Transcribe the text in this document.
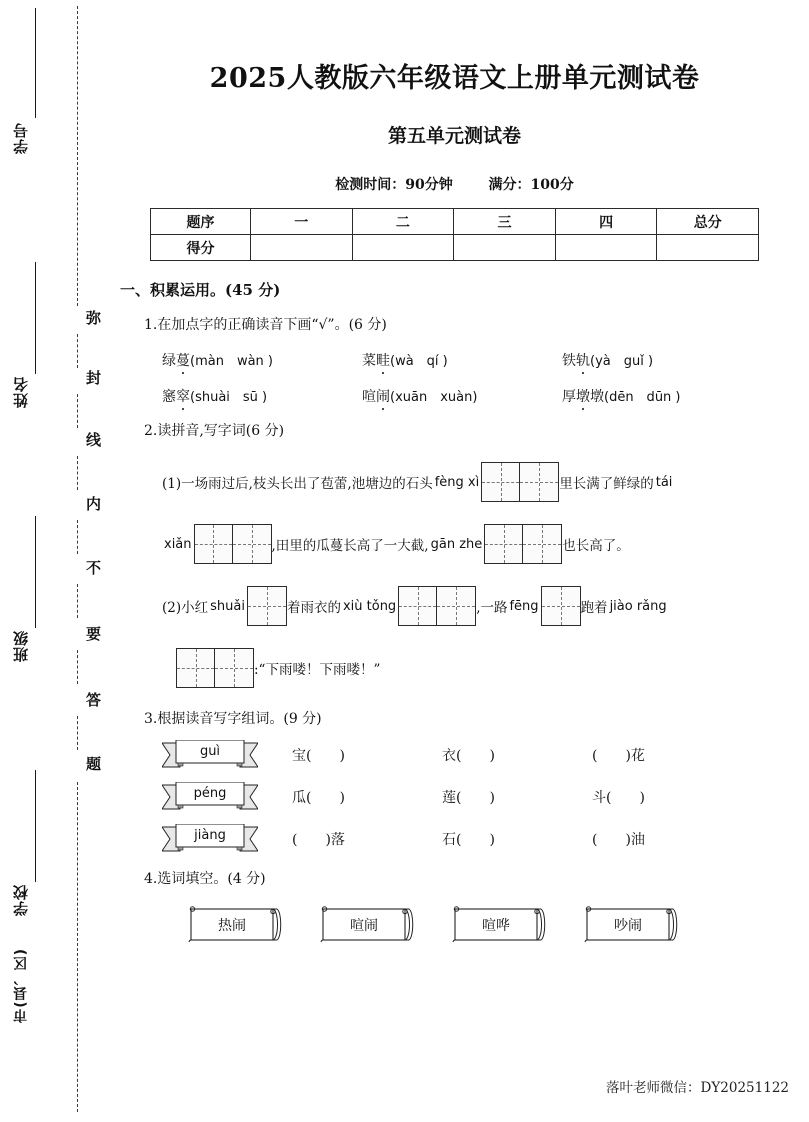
学号
姓名
班级
学校
市(县、区)
弥
封
线
内
不
要
答
题
2025人教版六年级语文上册单元测试卷
第五单元测试卷
检测时间：90分钟	满分：100分
题序	一	二	三	四	总分
得分					
一、积累运用。(45 分)
1.在加点字的正确读音下画“√”。(6 分)
绿蔓(màn　wàn )	菜畦(wà　qí )	铁轨(yà　guǐ )
窸窣(shuài　sū )	喧闹(xuān　xuàn)	厚墩墩(dēn　dūn )
2.读拼音,写字词(6 分)
(1)一场雨过后,枝头长出了苞蕾,池塘边的石头 fèng xì	里长满了鲜绿的 tái
xiǎn	,田里的瓜蔓长高了一大截, gān zhe	也长高了。
(2)小红 shuǎi	着雨衣的 xiù tǒng	,一路 fēng	跑着 jiào rǎng
:“下雨喽！下雨喽！”
3.根据读音写字组词。(9 分)
guì	宝(　　)	衣(　　)	(　　)花
péng	瓜(　　)	莲(　　)	斗(　　)
jiàng	(　　)落	石(　　)	(　　)油
4.选词填空。(4 分)
热闹	喧闹	喧哗	吵闹
落叶老师微信：DY20251122
